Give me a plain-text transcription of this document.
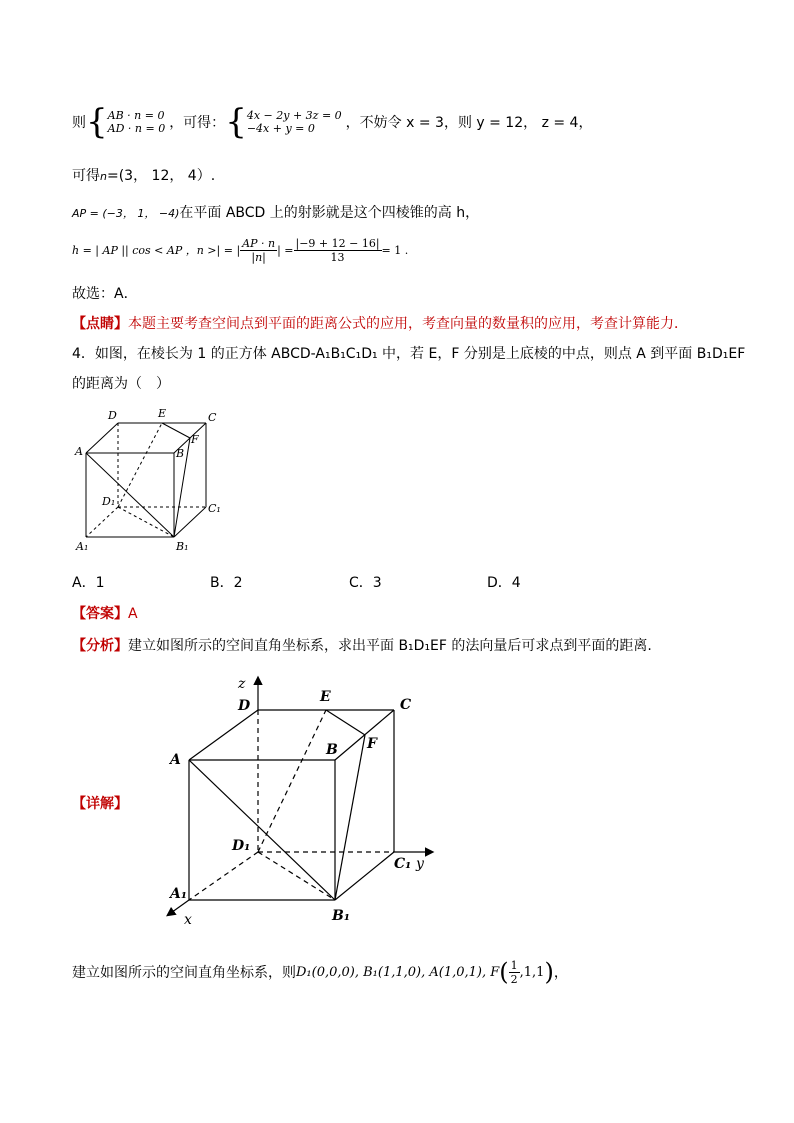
则 { AB · n = 0
AD · n = 0 ，可得： { 4x − 2y + 3z = 0
−4x + y = 0	，不妨令 x = 3，则 y = 12， z = 4，
可得n=(3， 12， 4）.
AP = (−3， 1， −4)在平面 ABCD 上的射影就是这个四棱锥的高 h，
h = | AP || cos < AP ，n >| = | $\frac{AP \cdot n}{|n|}$ | = $\frac{|-9 + 12 - 16|}{13} = 1$ .
故选：A．
【点睛】本题主要考查空间点到平面的距离公式的应用，考查向量的数量积的应用，考查计算能力．
4．如图，在棱长为 1 的正方体 ABCD-A₁B₁C₁D₁ 中，若 E，F 分别是上底棱的中点，则点 A 到平面 B₁D₁EF
的距离为（　）
D	E	C
A
F
B
D₁
C₁
A₁	B₁
A．1	B．2	C．3	D．4
【答案】A
【分析】建立如图所示的空间直角坐标系，求出平面 B₁D₁EF 的法向量后可求点到平面的距离.
【详解】
z
D
E	C
B F
A
D₁
C₁ y
A₁
B₁
x
建立如图所示的空间直角坐标系，则 D₁(0,0,0), B₁(1,1,0), A(1,0,1), F ( $\frac{1}{2} ,1,1$ ) ，
